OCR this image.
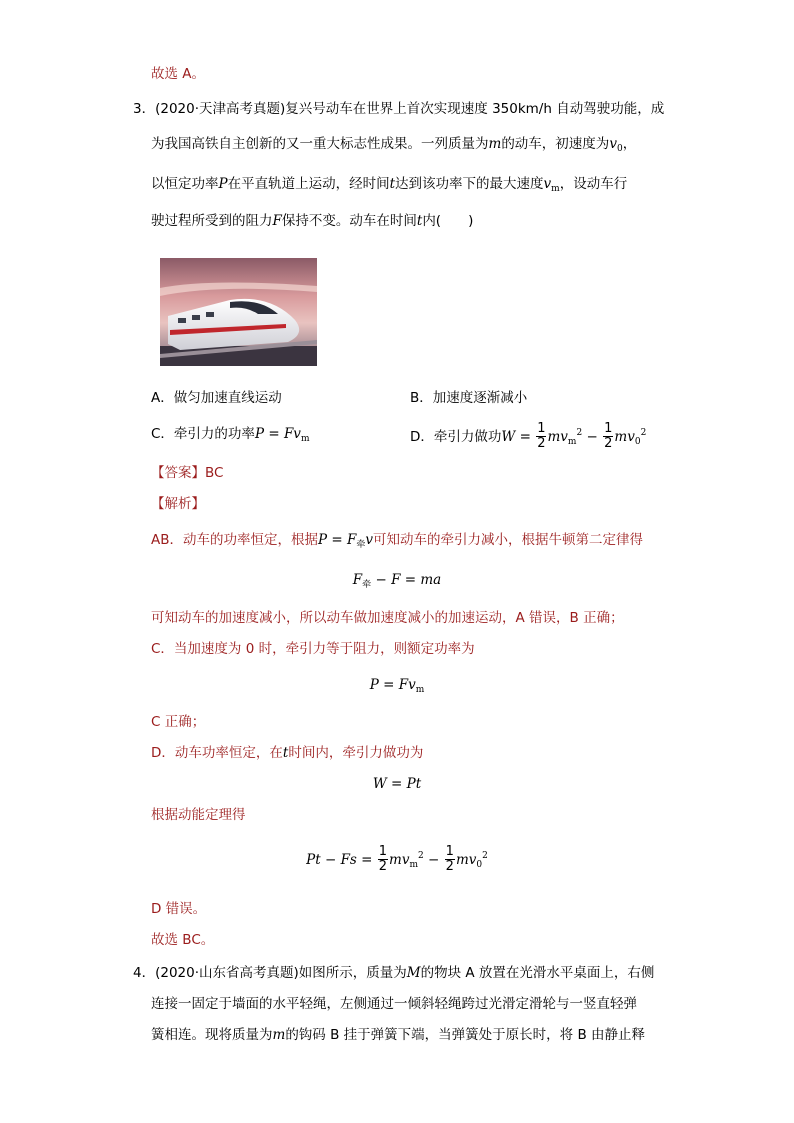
故选 A。
3．(2020·天津高考真题)复兴号动车在世界上首次实现速度 350km/h 自动驾驶功能，成
为我国高铁自主创新的又一重大标志性成果。一列质量为m的动车，初速度为$v_0$，
以恒定功率P在平直轨道上运动，经时间t达到该功率下的最大速度$v_m$，设动车行
驶过程所受到的阻力F保持不变。动车在时间t内(　　)
A．做匀加速直线运动	B．加速度逐渐减小
C．牵引力的功率$P = Fv_m$	D．牵引力做功$W = \frac{1}{2} mv_m^2 - \frac{1}{2} mv_0^2$
【答案】BC
【解析】
AB．动车的功率恒定，根据$P = F_牵v$可知动车的牵引力减小，根据牛顿第二定律得
$F_牵 - F$ = ma
可知动车的加速度减小，所以动车做加速度减小的加速运动，A 错误，B 正确；
C．当加速度为 0 时，牵引力等于阻力，则额定功率为
$P = Fv_m$
C 正确；
D．动车功率恒定，在t时间内，牵引力做功为
W = Pt
根据动能定理得
$Pt - Fs = \frac{1}{2} mv_m^2 - \frac{1}{2} mv_0^2$
D 错误。
故选 BC。
4．(2020·山东省高考真题)如图所示，质量为M的物块 A 放置在光滑水平桌面上，右侧
连接一固定于墙面的水平轻绳，左侧通过一倾斜轻绳跨过光滑定滑轮与一竖直轻弹
簧相连。现将质量为m的钩码 B 挂于弹簧下端，当弹簧处于原长时，将 B 由静止释
